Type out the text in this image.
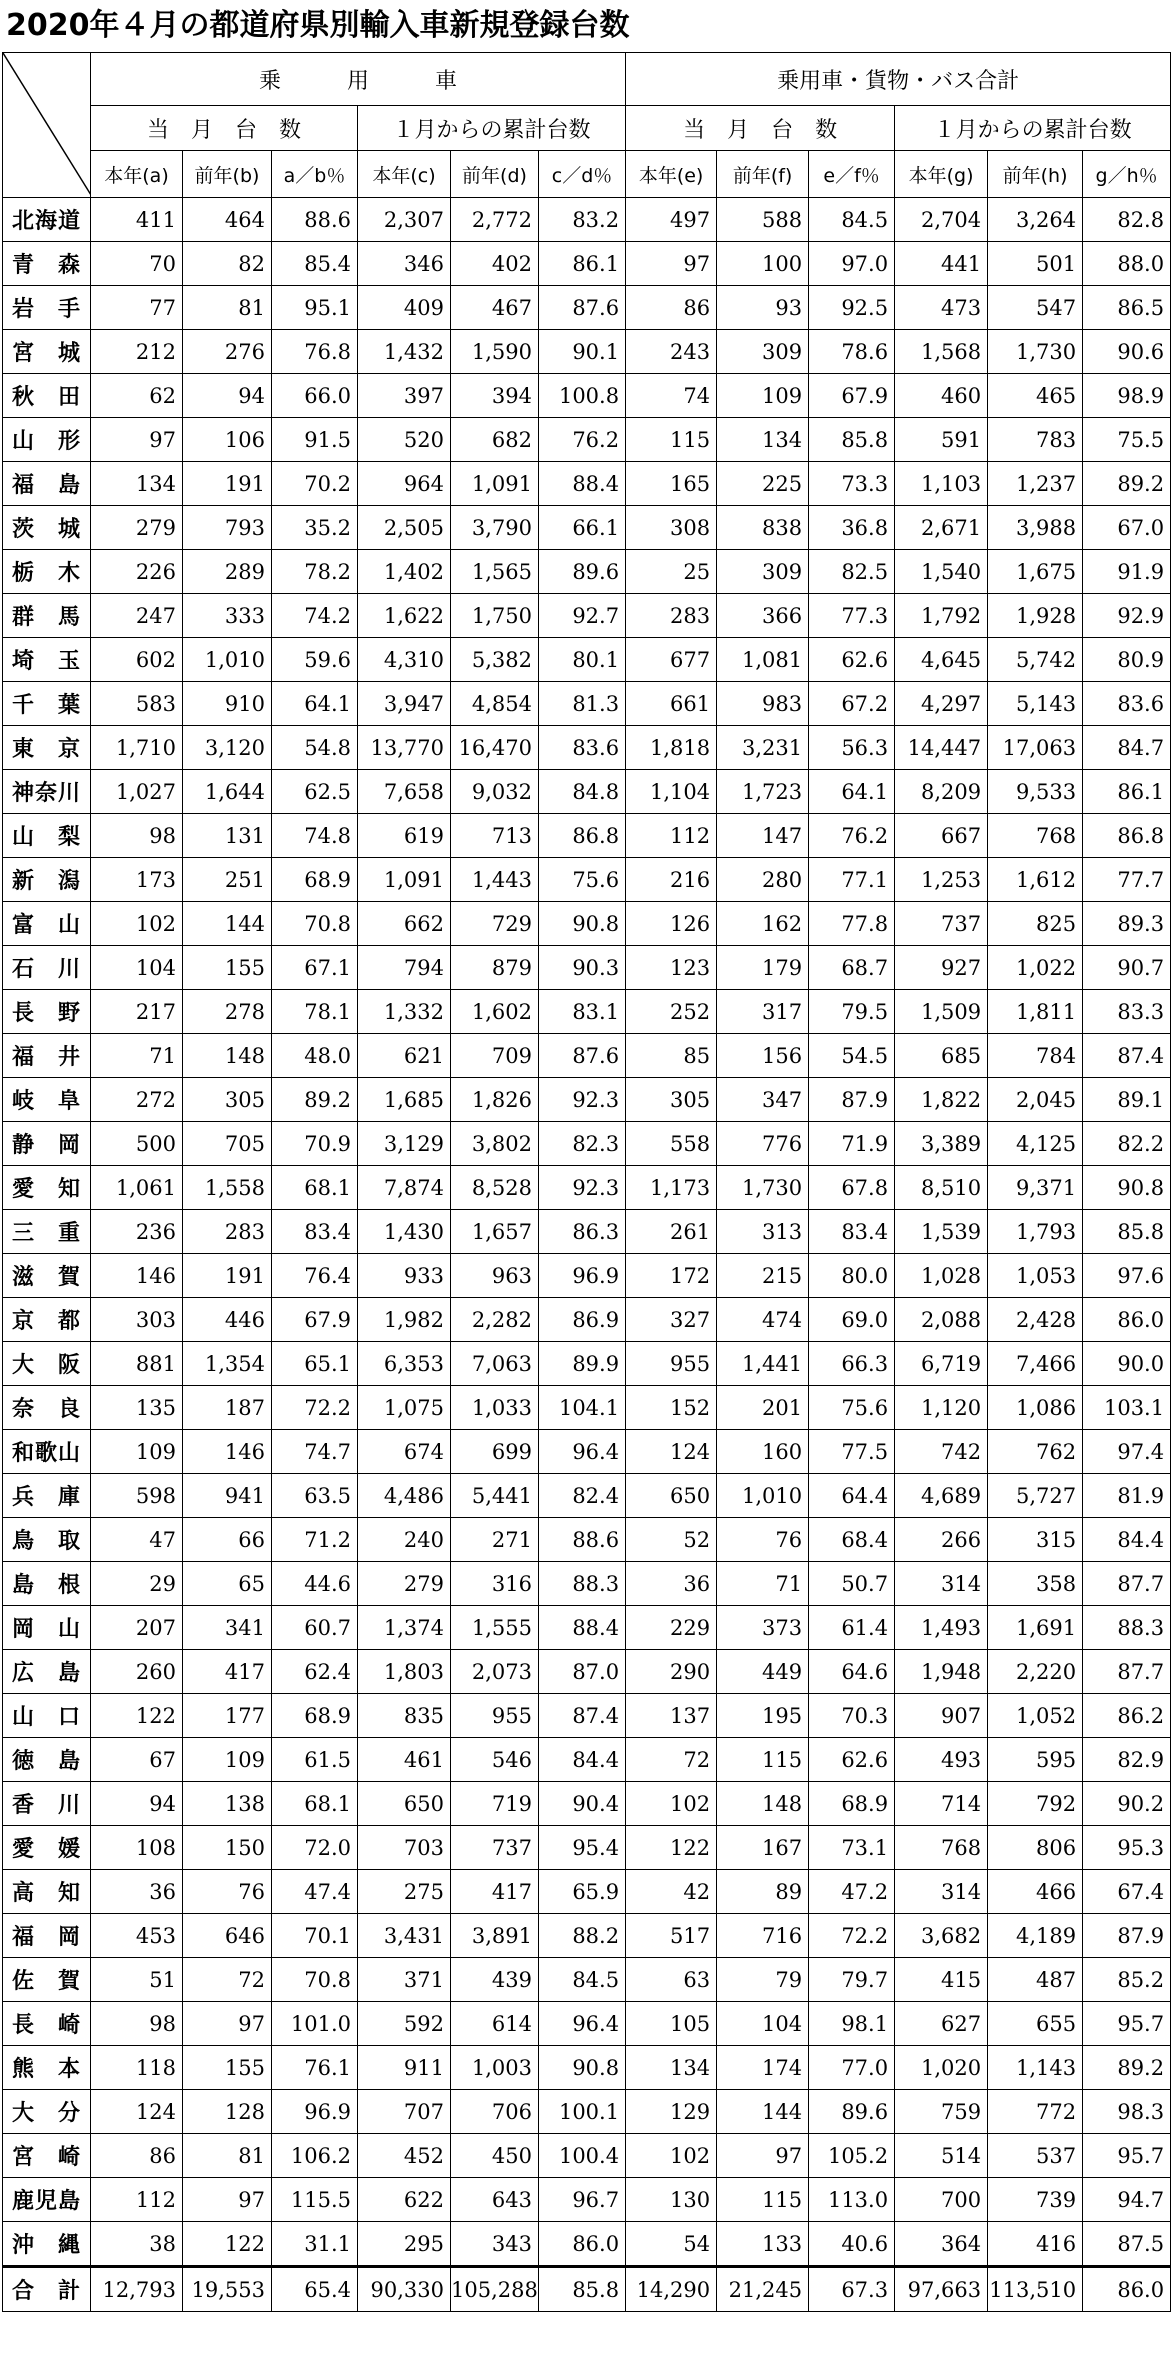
2020年４月の都道府県別輸入車新規登録台数
	乗　　　用　　　車						乗用車・貨物・バス合計					
	当　月　台　数			１月からの累計台数			当　月　台　数			１月からの累計台数		
	本年(a)	前年(b)	a／b％	本年(c)	前年(d)	c／d％	本年(e)	前年(f)	e／f％	本年(g)	前年(h)	g／h％
北海道	411	464	88.6	2,307	2,772	83.2	497	588	84.5	2,704	3,264	82.8
青　森	70	82	85.4	346	402	86.1	97	100	97.0	441	501	88.0
岩　手	77	81	95.1	409	467	87.6	86	93	92.5	473	547	86.5
宮　城	212	276	76.8	1,432	1,590	90.1	243	309	78.6	1,568	1,730	90.6
秋　田	62	94	66.0	397	394	100.8	74	109	67.9	460	465	98.9
山　形	97	106	91.5	520	682	76.2	115	134	85.8	591	783	75.5
福　島	134	191	70.2	964	1,091	88.4	165	225	73.3	1,103	1,237	89.2
茨　城	279	793	35.2	2,505	3,790	66.1	308	838	36.8	2,671	3,988	67.0
栃　木	226	289	78.2	1,402	1,565	89.6	25	309	82.5	1,540	1,675	91.9
群　馬	247	333	74.2	1,622	1,750	92.7	283	366	77.3	1,792	1,928	92.9
埼　玉	602	1,010	59.6	4,310	5,382	80.1	677	1,081	62.6	4,645	5,742	80.9
千　葉	583	910	64.1	3,947	4,854	81.3	661	983	67.2	4,297	5,143	83.6
東　京	1,710	3,120	54.8	13,770	16,470	83.6	1,818	3,231	56.3	14,447	17,063	84.7
神奈川	1,027	1,644	62.5	7,658	9,032	84.8	1,104	1,723	64.1	8,209	9,533	86.1
山　梨	98	131	74.8	619	713	86.8	112	147	76.2	667	768	86.8
新　潟	173	251	68.9	1,091	1,443	75.6	216	280	77.1	1,253	1,612	77.7
富　山	102	144	70.8	662	729	90.8	126	162	77.8	737	825	89.3
石　川	104	155	67.1	794	879	90.3	123	179	68.7	927	1,022	90.7
長　野	217	278	78.1	1,332	1,602	83.1	252	317	79.5	1,509	1,811	83.3
福　井	71	148	48.0	621	709	87.6	85	156	54.5	685	784	87.4
岐　阜	272	305	89.2	1,685	1,826	92.3	305	347	87.9	1,822	2,045	89.1
静　岡	500	705	70.9	3,129	3,802	82.3	558	776	71.9	3,389	4,125	82.2
愛　知	1,061	1,558	68.1	7,874	8,528	92.3	1,173	1,730	67.8	8,510	9,371	90.8
三　重	236	283	83.4	1,430	1,657	86.3	261	313	83.4	1,539	1,793	85.8
滋　賀	146	191	76.4	933	963	96.9	172	215	80.0	1,028	1,053	97.6
京　都	303	446	67.9	1,982	2,282	86.9	327	474	69.0	2,088	2,428	86.0
大　阪	881	1,354	65.1	6,353	7,063	89.9	955	1,441	66.3	6,719	7,466	90.0
奈　良	135	187	72.2	1,075	1,033	104.1	152	201	75.6	1,120	1,086	103.1
和歌山	109	146	74.7	674	699	96.4	124	160	77.5	742	762	97.4
兵　庫	598	941	63.5	4,486	5,441	82.4	650	1,010	64.4	4,689	5,727	81.9
鳥　取	47	66	71.2	240	271	88.6	52	76	68.4	266	315	84.4
島　根	29	65	44.6	279	316	88.3	36	71	50.7	314	358	87.7
岡　山	207	341	60.7	1,374	1,555	88.4	229	373	61.4	1,493	1,691	88.3
広　島	260	417	62.4	1,803	2,073	87.0	290	449	64.6	1,948	2,220	87.7
山　口	122	177	68.9	835	955	87.4	137	195	70.3	907	1,052	86.2
徳　島	67	109	61.5	461	546	84.4	72	115	62.6	493	595	82.9
香　川	94	138	68.1	650	719	90.4	102	148	68.9	714	792	90.2
愛　媛	108	150	72.0	703	737	95.4	122	167	73.1	768	806	95.3
高　知	36	76	47.4	275	417	65.9	42	89	47.2	314	466	67.4
福　岡	453	646	70.1	3,431	3,891	88.2	517	716	72.2	3,682	4,189	87.9
佐　賀	51	72	70.8	371	439	84.5	63	79	79.7	415	487	85.2
長　崎	98	97	101.0	592	614	96.4	105	104	98.1	627	655	95.7
熊　本	118	155	76.1	911	1,003	90.8	134	174	77.0	1,020	1,143	89.2
大　分	124	128	96.9	707	706	100.1	129	144	89.6	759	772	98.3
宮　崎	86	81	106.2	452	450	100.4	102	97	105.2	514	537	95.7
鹿児島	112	97	115.5	622	643	96.7	130	115	113.0	700	739	94.7
沖　縄	38	122	31.1	295	343	86.0	54	133	40.6	364	416	87.5
合　計	12,793	19,553	65.4	90,330	105,288	85.8	14,290	21,245	67.3	97,663	113,510	86.0
